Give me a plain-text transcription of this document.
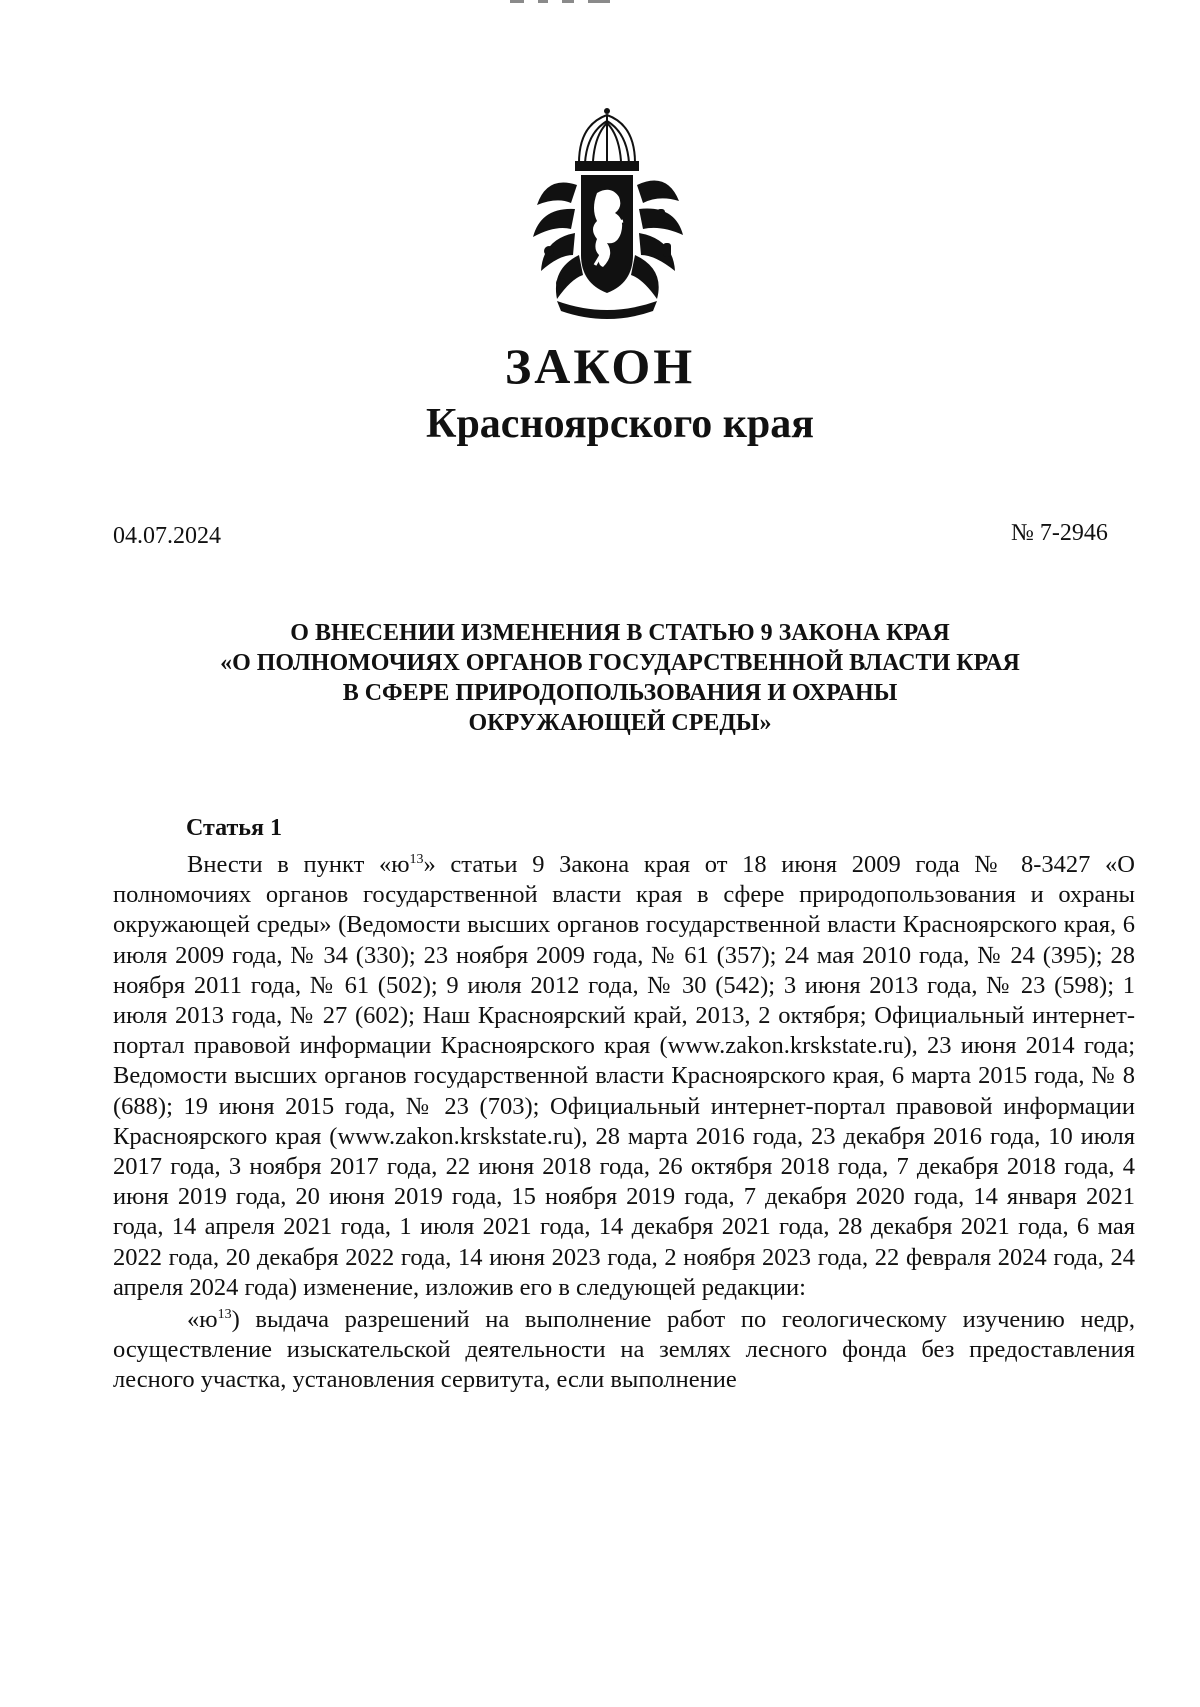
ЗАКОН
Красноярского края
04.07.2024	№ 7-2946
О ВНЕСЕНИИ ИЗМЕНЕНИЯ В СТАТЬЮ 9 ЗАКОНА КРАЯ
«О ПОЛНОМОЧИЯХ ОРГАНОВ ГОСУДАРСТВЕННОЙ ВЛАСТИ КРАЯ
В СФЕРЕ ПРИРОДОПОЛЬЗОВАНИЯ И ОХРАНЫ
ОКРУЖАЮЩЕЙ СРЕДЫ»
Статья 1

Внести в пункт «$ю^{13}$» статьи 9 Закона края от 18 июня 2009 года № 8-3427 «О полномочиях органов государственной власти края в сфере природопользования и охраны окружающей среды» (Ведомости высших органов государственной власти Красноярского края, 6 июля 2009 года, № 34 (330); 23 ноября 2009 года, № 61 (357); 24 мая 2010 года, № 24 (395); 28 ноября 2011 года, № 61 (502); 9 июля 2012 года, № 30 (542); 3 июня 2013 года, № 23 (598); 1 июля 2013 года, № 27 (602); Наш Красноярский край, 2013, 2 октября; Официальный интернет-портал правовой информации Красноярского края (www.zakon.krskstate.ru), 23 июня 2014 года; Ведомости высших органов государственной власти Красноярского края, 6 марта 2015 года, № 8 (688); 19 июня 2015 года, № 23 (703); Официальный интернет-портал правовой информации Красноярского края (www.zakon.krskstate.ru), 28 марта 2016 года, 23 декабря 2016 года, 10 июля 2017 года, 3 ноября 2017 года, 22 июня 2018 года, 26 октября 2018 года, 7 декабря 2018 года, 4 июня 2019 года, 20 июня 2019 года, 15 ноября 2019 года, 7 декабря 2020 года, 14 января 2021 года, 14 апреля 2021 года, 1 июля 2021 года, 14 декабря 2021 года, 28 декабря 2021 года, 6 мая 2022 года, 20 декабря 2022 года, 14 июня 2023 года, 2 ноября 2023 года, 22 февраля 2024 года, 24 апреля 2024 года) изменение, изложив его в следующей редакции:

«$ю^{13}$) выдача разрешений на выполнение работ по геологическому изучению недр, осуществление изыскательской деятельности на землях лесного фонда без предоставления лесного участка, установления сервитута, если выполнение
